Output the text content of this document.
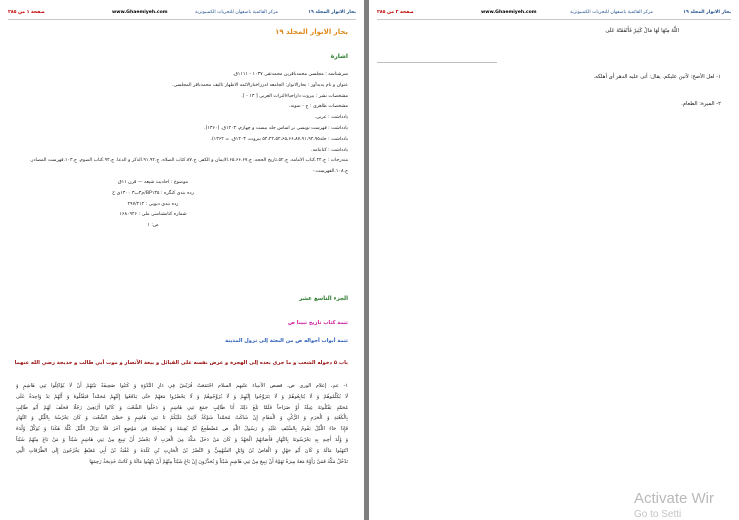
بحار الانوار المجلد ۱۹
مركز القائمية باصفهان للتحريات الكمبيوترية
www.Ghaemiyeh.com
صفحة ۱ من ۲۸۵
بحار الانوار المجلد ۱۹
اشارة
سرشناسه : مجلسی محمدباقربن محمدتقی ۱۰۳۷ - ۱۱۱۱ق.
عنوان و نام پدیدآور : بحارالانوار: الجامعه لدرراخبارالائمه الاطهار تالیف محمدباقر المجلسی.
مشخصات نشر : بیروت داراحیاءالتراث العربی [ ۱۳ - ].
مشخصات ظاهری : ج - نمونه.
یادداشت : عربی.
یادداشت : فهرست نویسی بر اساس جلد بیست و چهارم، ۱۴۰۳ق. [۱۳۶۰].
یادداشت : جلد۵۴،۲۴،۵۲،۶۵،۶۶،۸۷،۹۱،۹۴،۹۵ بیروت، ۱۴۰۳ق. = ۱۳۶۲).
یادداشت : کتابنامه.
مندرجات : ج.۲۴.کتاب الامامه. ج.۵۲.تاریخ الحجه. ج.۶۵.۶۶.۶۷.الایمان و الکفر. ج.۸۷.کتاب الصلاه. ج.۹۱.۹۲.الذکر و الدعا. ج.۹۴.کتاب الصوم. ج.۱۰۳.فهرست المصادر. ج.۱۰۸.الفهرست.-
موضوع : احادیث شیعه — قرن ۱۱ق
رده بندی کنگره : BP۱۳۵/م۳ب۳ ۱۳۰۰ی ح
رده بندی دیویی : ۲۹۷/۲۱۲
شماره کتابشناسی ملی : ۱۶۸۰۹۴۶
ص: ۱
الجزء التاسع عشر
تتمة كتاب تاريخ نبينا ص
تتمة أبواب أحواله ص من البعثة إلى نزول المدينة
باب ۵ دخوله الشعب و ما جرى بعده إلى الهجرة و عرض نفسه على القبائل و بيعة الأنصار و موت أبي طالب و خديجة رضي الله عنهما
۱- عم، إعلام الورى ص، قصص الأنبياء عليهم السلام اجْتَمَعَتْ قُرَيْشٌ فِي دَارِ النَّدْوَةِ وَ كَتَبُوا صَحِيفَةً بَيْنَهُمْ أَنْ لَا يُؤَاكِلُوا بَنِي هَاشِمٍ وَ
لَا يُكَلِّمُوهُمْ وَ لَا يُبَايِعُوهُمْ وَ لَا يَتَزَوَّجُوا إِلَيْهِمْ وَ لَا يُزَوِّجُوهُمْ وَ لَا يَحْضُرُوا مَعَهُمْ حَتَّى يَدْفَعُوا إِلَيْهِمْ مُحَمَّداً فَيَقْتُلُوهُ وَ أَنَّهُمْ يَدٌ وَاحِدَةٌ عَلَى
مُحَمَّدٍ يَقْتُلُونَهُ غِيلَةً أَوْ صَرَاحاً فَلَمَّا بَلَغَ ذَلِكَ أَبَا طَالِبٍ جَمَعَ بَنِي هَاشِمٍ وَ دَخَلُوا الشِّعْبَ وَ كَانُوا أَرْبَعِينَ رَجُلًا فَحَلَفَ لَهُمْ أَبُو طَالِبٍ
بِالْكَعْبَةِ وَ الْحَرَمِ وَ الرُّكْنِ وَ الْمَقَامِ إِنْ شَاكَتْ مُحَمَّداً شَوْكَةٌ لَآتِيَنَّ عَلَيْكُمْ يَا بَنِي هَاشِمٍ وَ حَصَّنَ الشِّعْبَ وَ كَانَ يَحْرُسُهُ بِاللَّيْلِ وَ النَّهَارِ
فَإِذَا جَاءَ اللَّيْلُ يَقُومُ بِالسَّيْفِ عَلَيْهِ وَ رَسُولُ اللَّهِ ص مُضْطَجِعٌ ثُمَّ يُقِيمُهُ وَ يُضْجِعُهُ فِي مَوْضِعٍ آخَرَ فَلَا يَزَالُ اللَّيْلَ كُلَّهُ هَكَذَا وَ يُوَكِّلُ وُلْدَهُ
وَ وُلْدَ أَخِيهِ بِهِ يَحْرُسُونَهُ بِالنَّهَارِ فَأَصَابَهُمُ الْجَهْدُ وَ كَانَ مَنْ دَخَلَ مَكَّةَ مِنَ الْعَرَبِ لَا يَجْسُرُ أَنْ يَبِيعَ مِنْ بَنِي هَاشِمٍ شَيْئاً وَ مَنْ بَاعَ مِنْهُمْ شَيْئاً
انْتَهَبُوا مَالَهُ وَ كَانَ أَبُو جَهْلٍ وَ الْعَاصُ بْنُ وَائِلٍ السَّهْمِيُّ وَ النَّضْرُ بْنُ الْحَارِثِ بْنِ كَلَدَةَ وَ عُقْبَةُ بْنُ أَبِي مُعَيْطٍ يَخْرُجُونَ إِلَى الطُّرُقَاتِ الَّتِي
تَدْخُلُ مَكَّةَ فَمَنْ رَأَوْهُ مَعَهُ مِيرَةٌ نَهَوْهُ أَنْ يَبِيعَ مِنْ بَنِي هَاشِمٍ شَيْئاً وَ يُحَذِّرُونَ إِنْ بَاعَ شَيْئاً مِنْهُمْ أَنْ يَنْهَبُوا مَالَهُ وَ كَانَتْ خَدِيجَةُ رَحِمَهَا
بحار الانوار المجلد ۱۹
مركز القائمية باصفهان للتحريات الكمبيوترية
www.Ghaemiyeh.com
صفحة ۲ من ۲۸۵
اللَّهُ مِنْهَا لَهَا مَالٌ كَثِيرٌ فَأَنْفَقَتْهُ عَلَى
۱- لعل الأصح: لآتين عليكم. يقال: أتى عليه الدهر أى أهلكه.
۲- الميرة: الطعام.
Activate Wir
Go to Setti
